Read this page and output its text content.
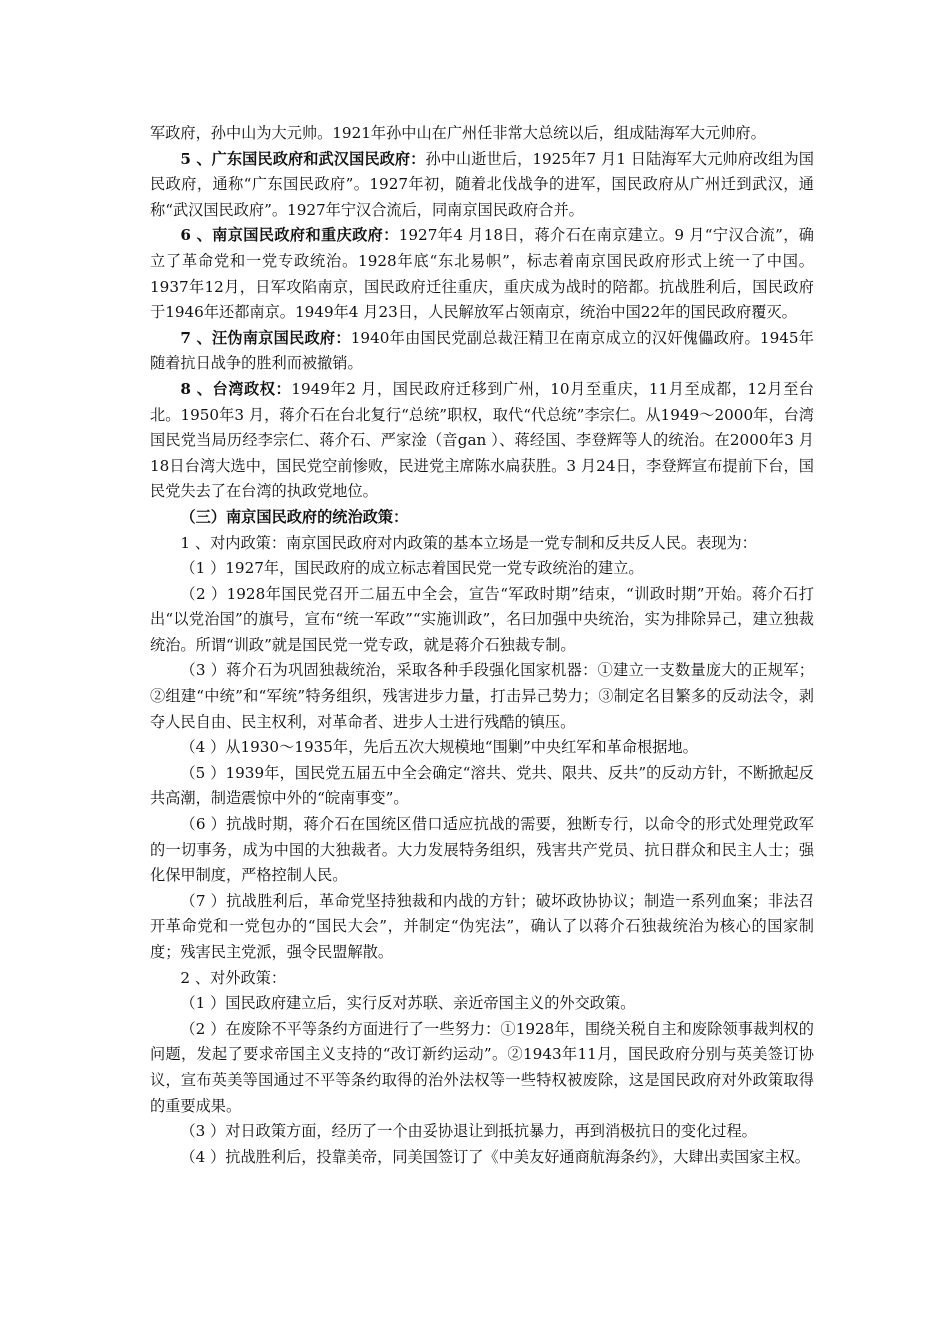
军政府，孙中山为大元帅。1921年孙中山在广州任非常大总统以后，组成陆海军大元帅府。

5 、广东国民政府和武汉国民政府：孙中山逝世后，1925年7 月1 日陆海军大元帅府改组为国民政府，通称“广东国民政府”。1927年初，随着北伐战争的进军，国民政府从广州迁到武汉，通称“武汉国民政府”。1927年宁汉合流后，同南京国民政府合并。

6 、南京国民政府和重庆政府：1927年4 月18日，蒋介石在南京建立。9 月“宁汉合流”，确立了革命党和一党专政统治。1928年底“东北易帜”，标志着南京国民政府形式上统一了中国。1937年12月，日军攻陷南京，国民政府迁往重庆，重庆成为战时的陪都。抗战胜利后，国民政府于1946年还都南京。1949年4 月23日，人民解放军占领南京，统治中国22年的国民政府覆灭。

7 、汪伪南京国民政府：1940年由国民党副总裁汪精卫在南京成立的汉奸傀儡政府。1945年随着抗日战争的胜利而被撤销。

8 、台湾政权：1949年2 月，国民政府迁移到广州，10月至重庆，11月至成都，12月至台北。1950年3 月，蒋介石在台北复行“总统”职权，取代“代总统”李宗仁。从1949～2000年，台湾国民党当局历经李宗仁、蒋介石、严家淦（音gan ）、蒋经国、李登辉等人的统治。在2000年3 月18日台湾大选中，国民党空前惨败，民进党主席陈水扁获胜。3 月24日，李登辉宣布提前下台，国民党失去了在台湾的执政党地位。

（三）南京国民政府的统治政策：

1 、对内政策：南京国民政府对内政策的基本立场是一党专制和反共反人民。表现为：

（1 ）1927年，国民政府的成立标志着国民党一党专政统治的建立。

（2 ）1928年国民党召开二届五中全会，宣告“军政时期”结束，“训政时期”开始。蒋介石打出“以党治国”的旗号，宣布“统一军政”“实施训政”，名曰加强中央统治，实为排除异己，建立独裁统治。所谓“训政”就是国民党一党专政，就是蒋介石独裁专制。

（3 ）蒋介石为巩固独裁统治，采取各种手段强化国家机器：①建立一支数量庞大的正规军；②组建“中统”和“军统”特务组织，残害进步力量，打击异己势力；③制定名目繁多的反动法令，剥夺人民自由、民主权利，对革命者、进步人士进行残酷的镇压。

（4 ）从1930～1935年，先后五次大规模地“围剿”中央红军和革命根据地。

（5 ）1939年，国民党五届五中全会确定“溶共、党共、限共、反共”的反动方针，不断掀起反共高潮，制造震惊中外的“皖南事变”。

（6 ）抗战时期，蒋介石在国统区借口适应抗战的需要，独断专行，以命令的形式处理党政军的一切事务，成为中国的大独裁者。大力发展特务组织，残害共产党员、抗日群众和民主人士；强化保甲制度，严格控制人民。

（7 ）抗战胜利后，革命党坚持独裁和内战的方针；破坏政协协议；制造一系列血案；非法召开革命党和一党包办的“国民大会”，并制定“伪宪法”，确认了以蒋介石独裁统治为核心的国家制度；残害民主党派，强令民盟解散。

2 、对外政策：

（1 ）国民政府建立后，实行反对苏联、亲近帝国主义的外交政策。

（2 ）在废除不平等条约方面进行了一些努力：①1928年，围绕关税自主和废除领事裁判权的问题，发起了要求帝国主义支持的“改订新约运动”。②1943年11月，国民政府分别与英美签订协议，宣布英美等国通过不平等条约取得的治外法权等一些特权被废除，这是国民政府对外政策取得的重要成果。

（3 ）对日政策方面，经历了一个由妥协退让到抵抗暴力，再到消极抗日的变化过程。

（4 ）抗战胜利后，投靠美帝，同美国签订了《中美友好通商航海条约》，大肆出卖国家主权。
